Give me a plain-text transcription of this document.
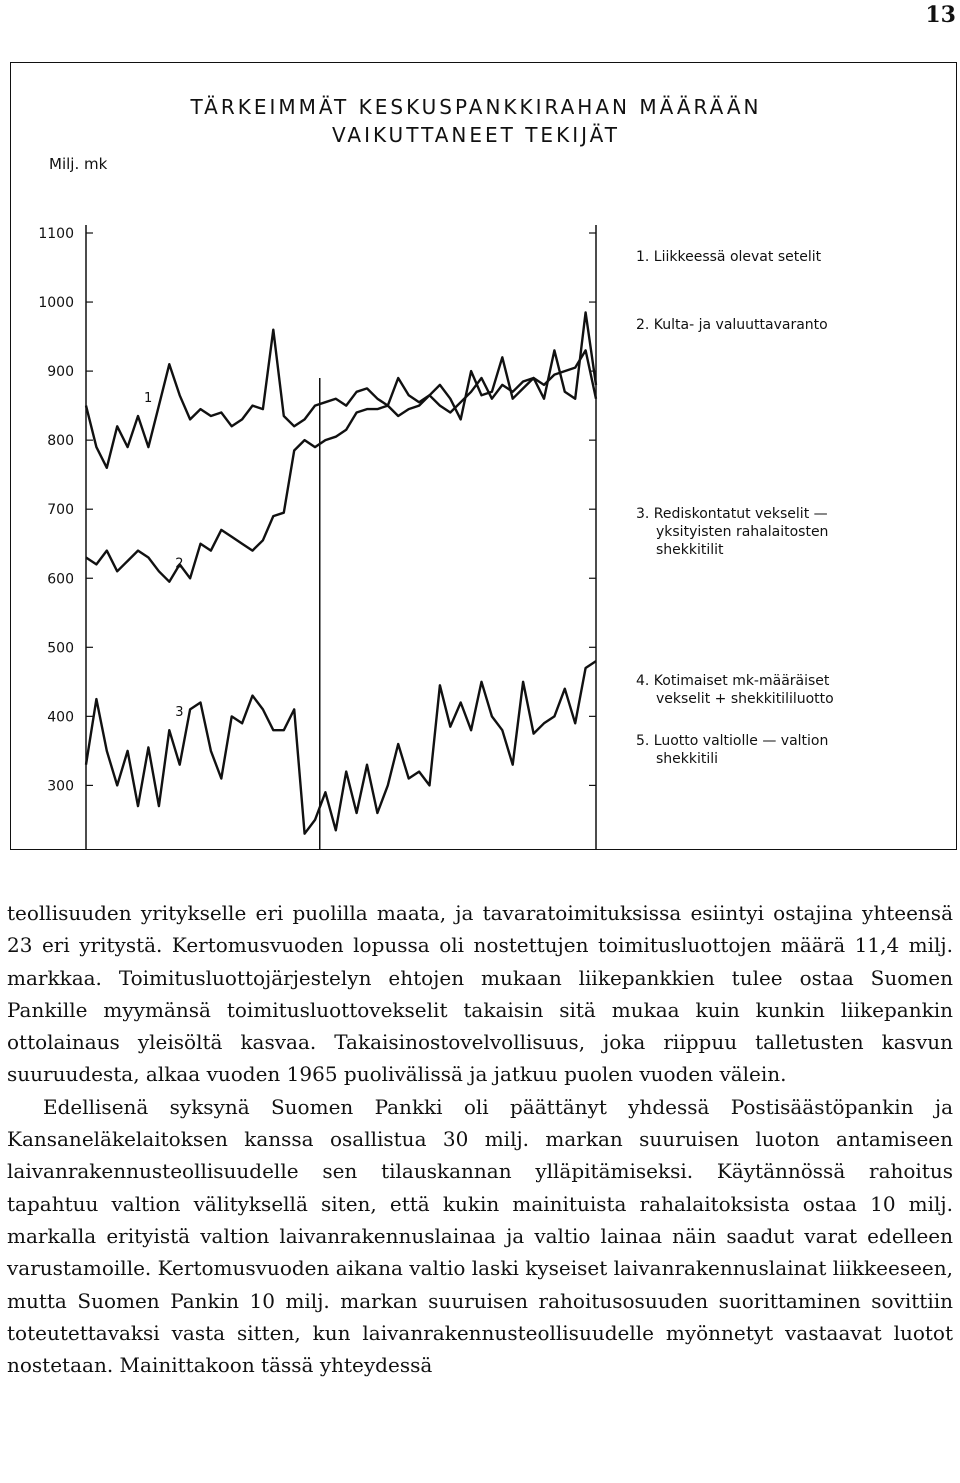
13
TÄRKEIMMÄT KESKUSPANKKIRAHAN MÄÄRÄÄN
VAIKUTTANEET TEKIJÄT
Milj. mk
1100
1000
900
800
700
600
500
400
300
1
2
3
1. Liikkeessä olevat setelit
2. Kulta- ja valuuttavaranto
3. Rediskontatut vekselit —
yksityisten rahalaitosten
shekkitilit
4. Kotimaiset mk-määräiset
vekselit + shekkitililuotto
5. Luotto valtiolle — valtion
shekkitili

teollisuuden yritykselle eri puolilla maata, ja tavaratoimituksissa esiintyi ostajina yhteensä 23 eri yritystä. Kertomusvuoden lopussa oli nostettujen toimitusluottojen määrä 11,4 milj. markkaa. Toimitusluottojärjestelyn ehtojen mukaan liikepankkien tulee ostaa Suomen Pankille myymänsä toimitusluottovekselit takaisin sitä mukaa kuin kunkin liikepankin ottolainaus yleisöltä kasvaa. Takaisinostovelvollisuus, joka riippuu talletusten kasvun suuruudesta, alkaa vuoden 1965 puolivälissä ja jatkuu puolen vuoden välein.

Edellisenä syksynä Suomen Pankki oli päättänyt yhdessä Postisäästöpankin ja Kansaneläkelaitoksen kanssa osallistua 30 milj. markan suuruisen luoton antamiseen laivanrakennusteollisuudelle sen tilauskannan ylläpitämiseksi. Käytännössä rahoitus tapahtuu valtion välityksellä siten, että kukin mainituista rahalaitoksista ostaa 10 milj. markalla erityistä valtion laivanrakennuslainaa ja valtio lainaa näin saadut varat edelleen varustamoille. Kertomusvuoden aikana valtio laski kyseiset laivanrakennuslainat liikkeeseen, mutta Suomen Pankin 10 milj. markan suuruisen rahoitusosuuden suorittaminen sovittiin toteutettavaksi vasta sitten, kun laivanrakennusteollisuudelle myönnetyt vastaavat luotot nostetaan. Mainittakoon tässä yhteydessä
